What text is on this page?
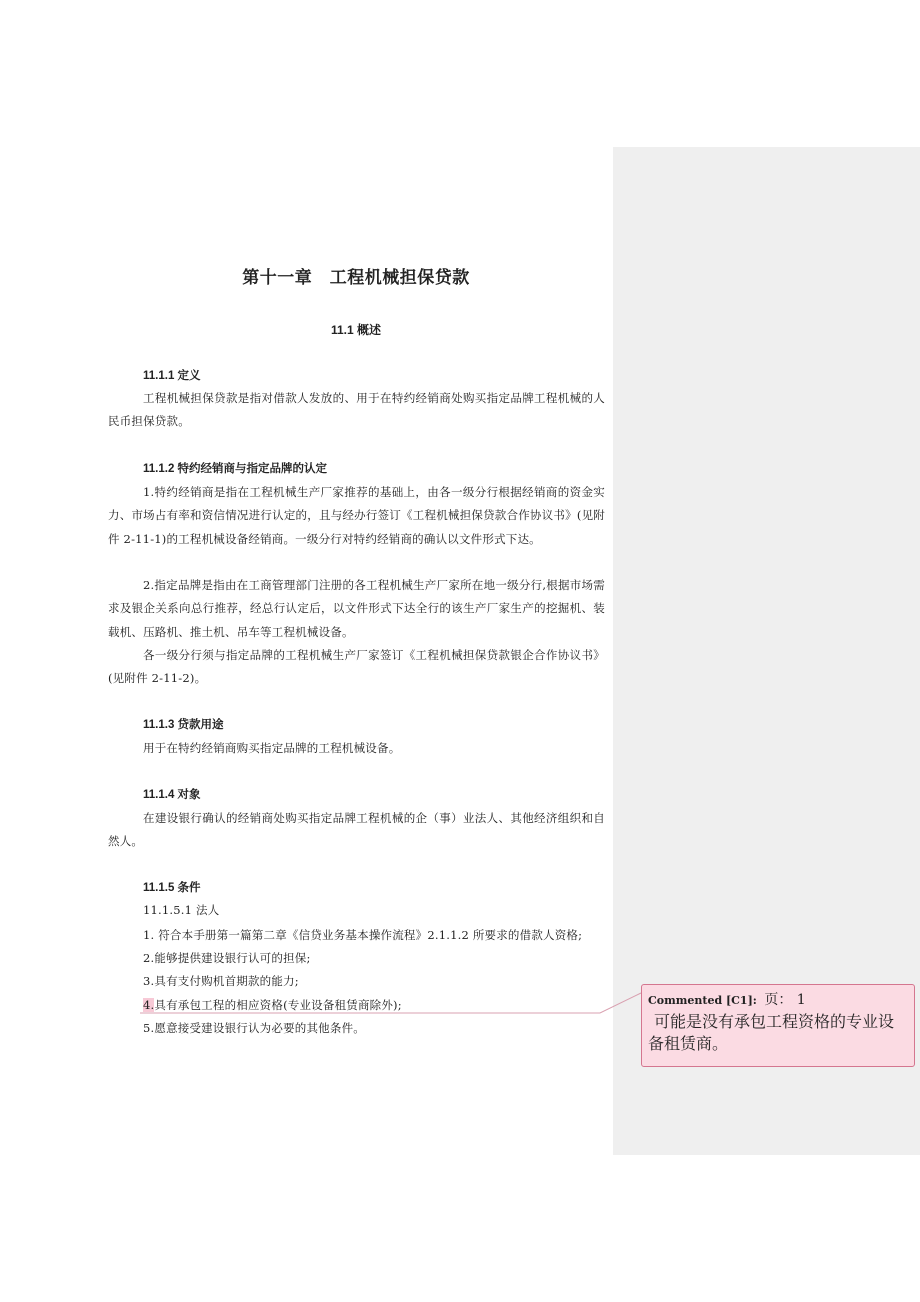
第十一章　工程机械担保贷款
11.1 概述
11.1.1 定义
工程机械担保贷款是指对借款人发放的、用于在特约经销商处购买指定品牌工程机械的人民币担保贷款。
11.1.2 特约经销商与指定品牌的认定
1.特约经销商是指在工程机械生产厂家推荐的基础上，由各一级分行根据经销商的资金实力、市场占有率和资信情况进行认定的，且与经办行签订《工程机械担保贷款合作协议书》(见附件 2-11-1)的工程机械设备经销商。一级分行对特约经销商的确认以文件形式下达。
2.指定品牌是指由在工商管理部门注册的各工程机械生产厂家所在地一级分行,根据市场需求及银企关系向总行推荐，经总行认定后，以文件形式下达全行的该生产厂家生产的挖掘机、装载机、压路机、推土机、吊车等工程机械设备。
各一级分行须与指定品牌的工程机械生产厂家签订《工程机械担保贷款银企合作协议书》(见附件 2-11-2)。
11.1.3 贷款用途
用于在特约经销商购买指定品牌的工程机械设备。
11.1.4 对象
在建设银行确认的经销商处购买指定品牌工程机械的企（事）业法人、其他经济组织和自然人。
11.1.5 条件
11.1.5.1 法人
1. 符合本手册第一篇第二章《信贷业务基本操作流程》2.1.1.2 所要求的借款人资格;
2.能够提供建设银行认可的担保;
3.具有支付购机首期款的能力;
4.具有承包工程的相应资格(专业设备租赁商除外);
5.愿意接受建设银行认为必要的其他条件。
Commented [C1]: 页： 1
可能是没有承包工程资格的专业设备租赁商。
